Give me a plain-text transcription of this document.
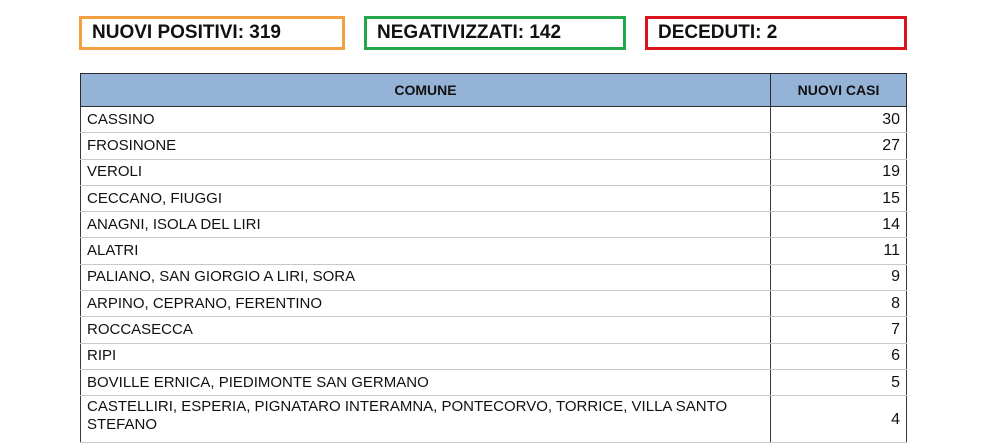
NUOVI POSITIVI: 319	NEGATIVIZZATI: 142	DECEDUTI: 2
COMUNE	NUOVI CASI
CASSINO	30
FROSINONE	27
VEROLI	19
CECCANO, FIUGGI	15
ANAGNI, ISOLA DEL LIRI	14
ALATRI	11
PALIANO, SAN GIORGIO A LIRI, SORA	9
ARPINO, CEPRANO, FERENTINO	8
ROCCASECCA	7
RIPI	6
BOVILLE ERNICA, PIEDIMONTE SAN GERMANO	5
CASTELLIRI, ESPERIA, PIGNATARO INTERAMNA, PONTECORVO, TORRICE, VILLA SANTO STEFANO	4
